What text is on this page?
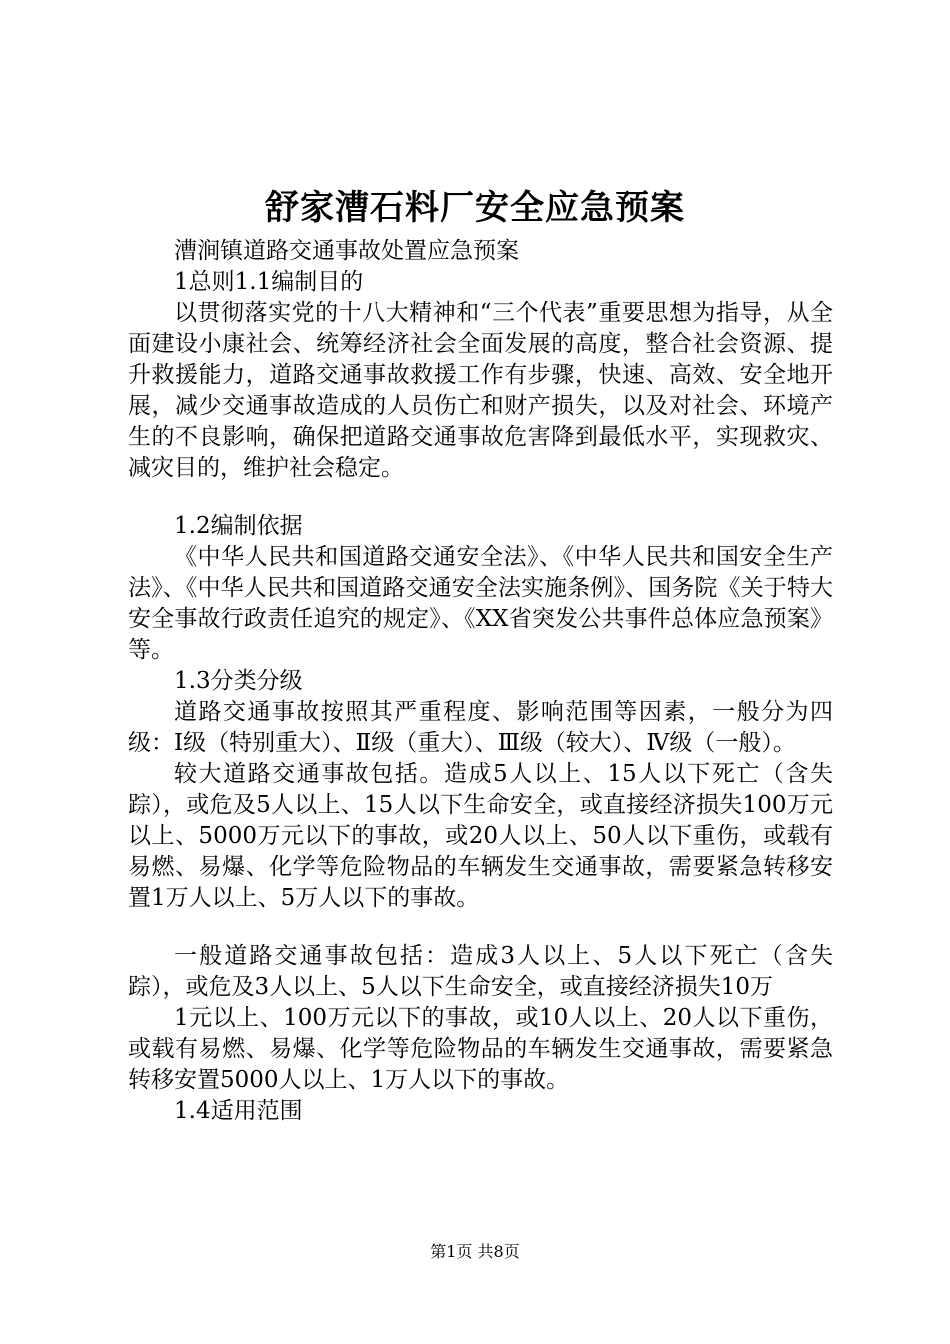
舒家漕石料厂安全应急预案

漕涧镇道路交通事故处置应急预案

1总则1.1编制目的

以贯彻落实党的十八大精神和“三个代表”重要思想为指导，从全面建设小康社会、统筹经济社会全面发展的高度，整合社会资源、提升救援能力，道路交通事故救援工作有步骤，快速、高效、安全地开展，减少交通事故造成的人员伤亡和财产损失，以及对社会、环境产生的不良影响，确保把道路交通事故危害降到最低水平，实现救灾、减灾目的，维护社会稳定。

1.2编制依据

《中华人民共和国道路交通安全法》、《中华人民共和国安全生产法》、《中华人民共和国道路交通安全法实施条例》、国务院《关于特大安全事故行政责任追究的规定》、《XX省突发公共事件总体应急预案》等。

1.3分类分级

道路交通事故按照其严重程度、影响范围等因素，一般分为四级：Ⅰ级（特别重大）、Ⅱ级（重大）、Ⅲ级（较大）、Ⅳ级（一般）。

较大道路交通事故包括。造成5人以上、15人以下死亡（含失踪），或危及5人以上、15人以下生命安全，或直接经济损失100万元以上、5000万元以下的事故，或20人以上、50人以下重伤，或载有易燃、易爆、化学等危险物品的车辆发生交通事故，需要紧急转移安置1万人以上、5万人以下的事故。

一般道路交通事故包括：造成3人以上、5人以下死亡（含失踪），或危及3人以上、5人以下生命安全，或直接经济损失10万

1元以上、100万元以下的事故，或10人以上、20人以下重伤，或载有易燃、易爆、化学等危险物品的车辆发生交通事故，需要紧急转移安置5000人以上、1万人以下的事故。

1.4适用范围

第1页 共8页
